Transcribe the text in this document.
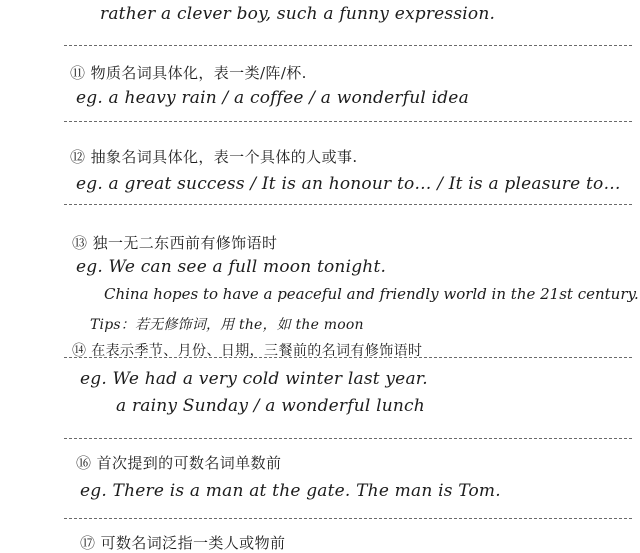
rather a clever boy, such a funny expression.
⑪ 物质名词具体化，表一类/阵/杯.
eg. a heavy rain / a coffee / a wonderful idea
⑫ 抽象名词具体化，表一个具体的人或事.
eg. a great success / It is an honour to… / It is a pleasure to…
⑬ 独一无二东西前有修饰语时
eg. We can see a full moon tonight.
China hopes to have a peaceful and friendly world in the 21st century.
Tips：若无修饰词，用 the，如 the moon
⑭ 在表示季节、月份、日期，三餐前的名词有修饰语时
eg. We had a very cold winter last year.
a rainy Sunday / a wonderful lunch
⑯ 首次提到的可数名词单数前
eg. There is a man at the gate. The man is Tom.
⑰ 可数名词泛指一类人或物前
